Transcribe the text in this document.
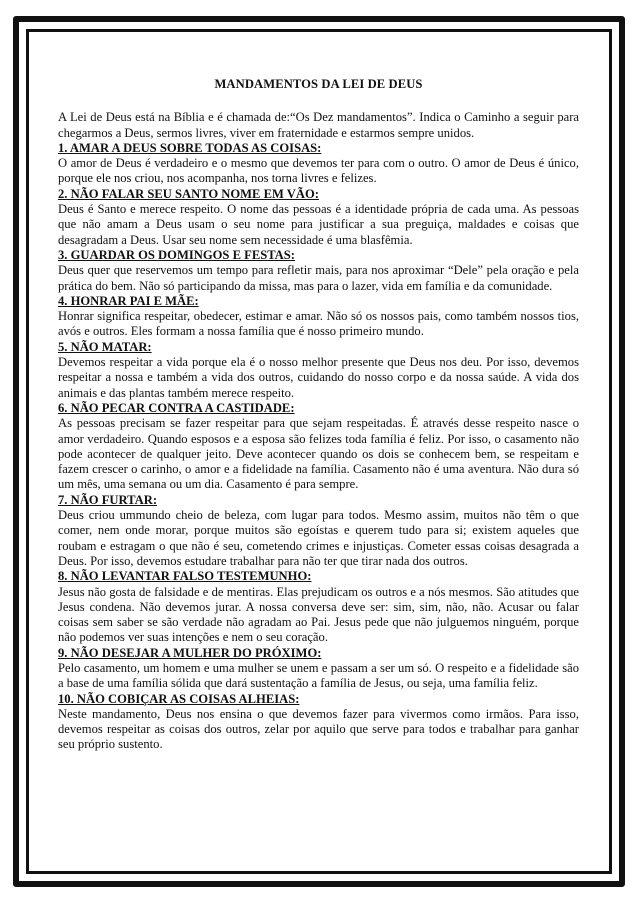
MANDAMENTOS DA LEI DE DEUS

A Lei de Deus está na Bíblia e é chamada de:“Os Dez mandamentos”. Indica o Caminho a seguir para chegarmos a Deus, sermos livres, viver em fraternidade e estarmos sempre unidos.

1. AMAR A DEUS SOBRE TODAS AS COISAS:

O amor de Deus é verdadeiro e o mesmo que devemos ter para com o outro. O amor de Deus é único, porque ele nos criou, nos acompanha, nos torna livres e felizes.

2. NÃO FALAR SEU SANTO NOME EM VÃO:

Deus é Santo e merece respeito. O nome das pessoas é a identidade própria de cada uma. As pessoas que não amam a Deus usam o seu nome para justificar a sua preguiça, maldades e coisas que desagradam a Deus. Usar seu nome sem necessidade é uma blasfêmia.

3. GUARDAR OS DOMINGOS E FESTAS:

Deus quer que reservemos um tempo para refletir mais, para nos aproximar “Dele” pela oração e pela prática do bem. Não só participando da missa, mas para o lazer, vida em família e da comunidade.

4. HONRAR PAI E MÃE:

Honrar significa respeitar, obedecer, estimar e amar. Não só os nossos pais, como também nossos tios, avós e outros. Eles formam a nossa família que é nosso primeiro mundo.

5. NÃO MATAR:

Devemos respeitar a vida porque ela é o nosso melhor presente que Deus nos deu. Por isso, devemos respeitar a nossa e também a vida dos outros, cuidando do nosso corpo e da nossa saúde. A vida dos animais e das plantas também merece respeito.

6. NÃO PECAR CONTRA A CASTIDADE:

As pessoas precisam se fazer respeitar para que sejam respeitadas. É através desse respeito nasce o amor verdadeiro. Quando esposos e a esposa são felizes toda família é feliz. Por isso, o casamento não pode acontecer de qualquer jeito. Deve acontecer quando os dois se conhecem bem, se respeitam e fazem crescer o carinho, o amor e a fidelidade na família. Casamento não é uma aventura. Não dura só um mês, uma semana ou um dia. Casamento é para sempre.

7. NÃO FURTAR:

Deus criou ummundo cheio de beleza, com lugar para todos. Mesmo assim, muitos não têm o que comer, nem onde morar, porque muitos são egoístas e querem tudo para si; existem aqueles que roubam e estragam o que não é seu, cometendo crimes e injustiças. Cometer essas coisas desagrada a Deus. Por isso, devemos estudare trabalhar para não ter que tirar nada dos outros.

8. NÃO LEVANTAR FALSO TESTEMUNHO:

Jesus não gosta de falsidade e de mentiras. Elas prejudicam os outros e a nós mesmos. São atitudes que Jesus condena. Não devemos jurar. A nossa conversa deve ser: sim, sim, não, não. Acusar ou falar coisas sem saber se são verdade não agradam ao Pai. Jesus pede que não julguemos ninguém, porque não podemos ver suas intenções e nem o seu coração.

9. NÃO DESEJAR A MULHER DO PRÓXIMO:

Pelo casamento, um homem e uma mulher se unem e passam a ser um só. O respeito e a fidelidade são a base de uma família sólida que dará sustentação a família de Jesus, ou seja, uma família feliz.

10. NÃO COBIÇAR AS COISAS ALHEIAS:

Neste mandamento, Deus nos ensina o que devemos fazer para vivermos como irmãos. Para isso, devemos respeitar as coisas dos outros, zelar por aquilo que serve para todos e trabalhar para ganhar seu próprio sustento.
